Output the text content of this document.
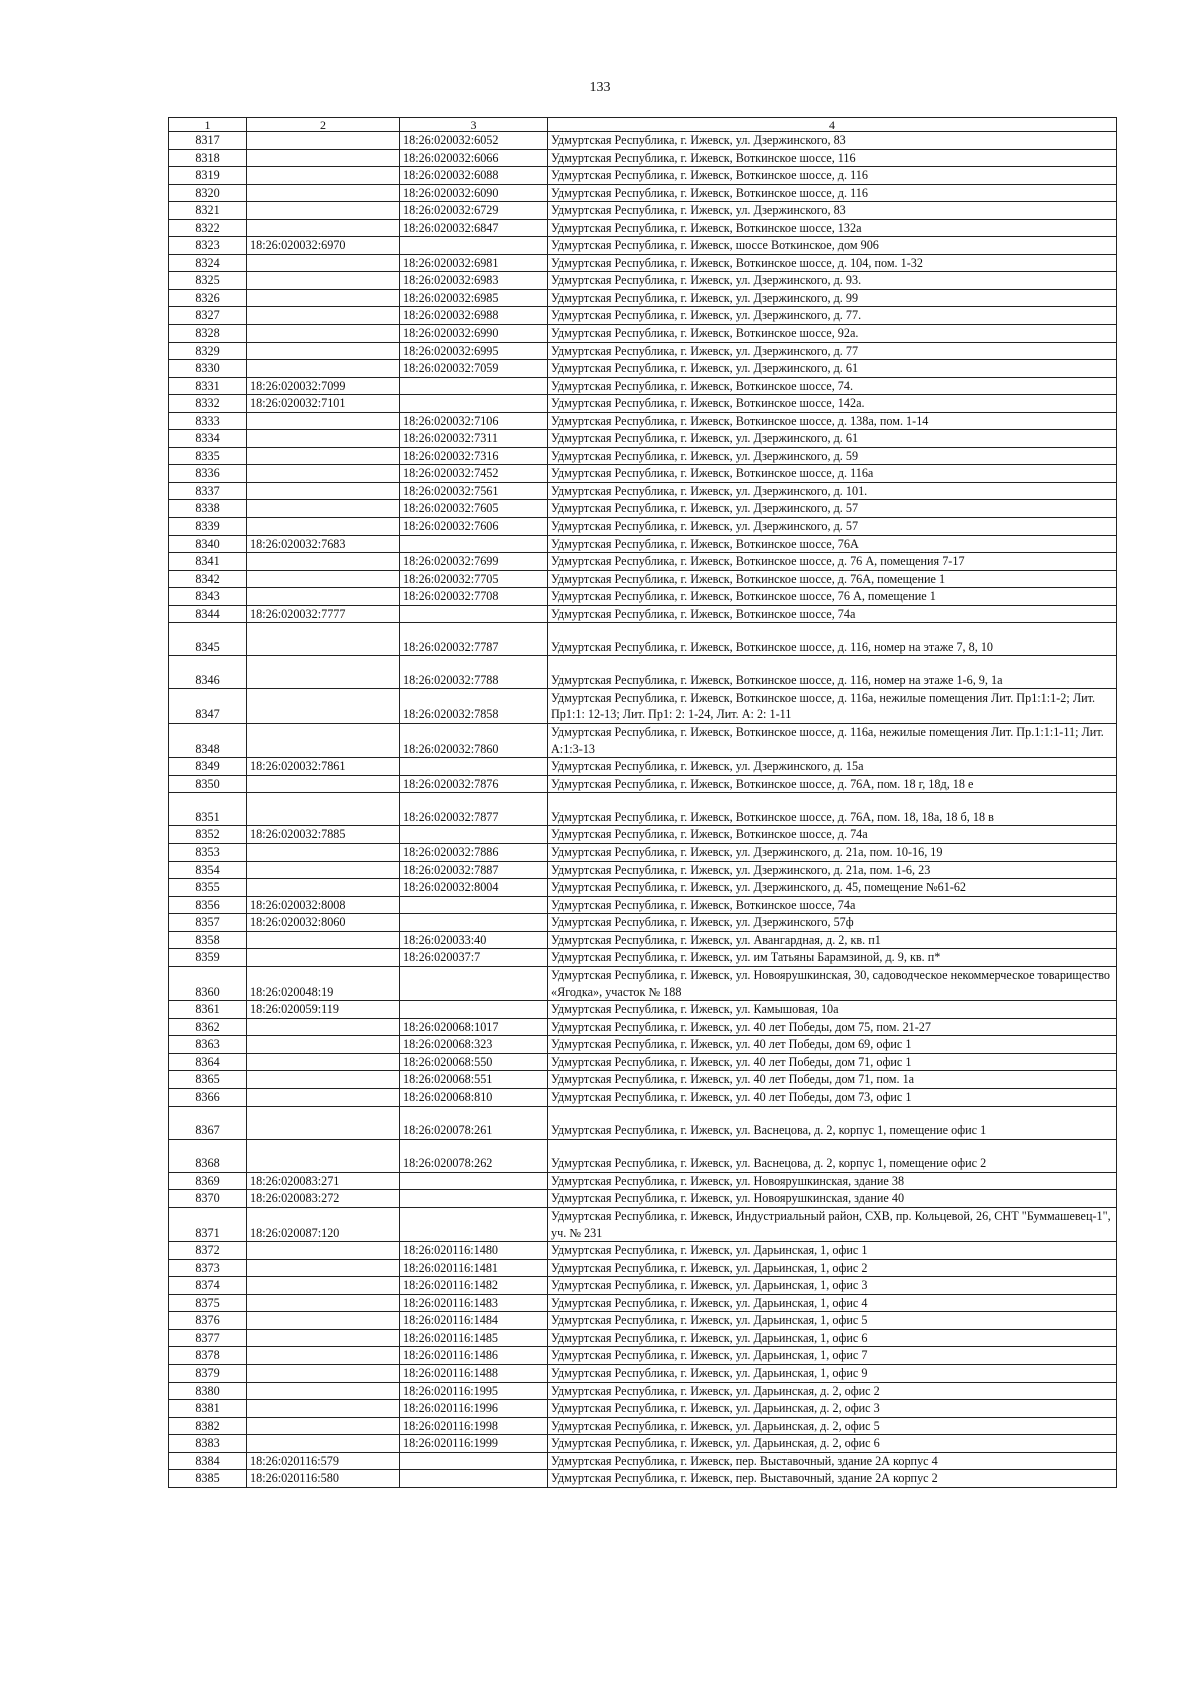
133
1	2	3	4
8317		18:26:020032:6052	Удмуртская Республика, г. Ижевск, ул. Дзержинского, 83
8318		18:26:020032:6066	Удмуртская Республика, г. Ижевск, Воткинское шоссе, 116
8319		18:26:020032:6088	Удмуртская Республика, г. Ижевск, Воткинское шоссе, д. 116
8320		18:26:020032:6090	Удмуртская Республика, г. Ижевск, Воткинское шоссе, д. 116
8321		18:26:020032:6729	Удмуртская Республика, г. Ижевск, ул. Дзержинского, 83
8322		18:26:020032:6847	Удмуртская Республика, г. Ижевск, Воткинское шоссе, 132а
8323	18:26:020032:6970		Удмуртская Республика, г. Ижевск, шоссе Воткинское, дом 906
8324		18:26:020032:6981	Удмуртская Республика, г. Ижевск, Воткинское шоссе, д. 104, пом. 1-32
8325		18:26:020032:6983	Удмуртская Республика, г. Ижевск, ул. Дзержинского, д. 93.
8326		18:26:020032:6985	Удмуртская Республика, г. Ижевск, ул. Дзержинского, д. 99
8327		18:26:020032:6988	Удмуртская Республика, г. Ижевск, ул. Дзержинского, д. 77.
8328		18:26:020032:6990	Удмуртская Республика, г. Ижевск, Воткинское шоссе, 92а.
8329		18:26:020032:6995	Удмуртская Республика, г. Ижевск, ул. Дзержинского, д. 77
8330		18:26:020032:7059	Удмуртская Республика, г. Ижевск, ул. Дзержинского, д. 61
8331	18:26:020032:7099		Удмуртская Республика, г. Ижевск, Воткинское шоссе, 74.
8332	18:26:020032:7101		Удмуртская Республика, г. Ижевск, Воткинское шоссе, 142а.
8333		18:26:020032:7106	Удмуртская Республика, г. Ижевск, Воткинское шоссе, д. 138а, пом. 1-14
8334		18:26:020032:7311	Удмуртская Республика, г. Ижевск, ул. Дзержинского, д. 61
8335		18:26:020032:7316	Удмуртская Республика, г. Ижевск, ул. Дзержинского, д. 59
8336		18:26:020032:7452	Удмуртская Республика, г. Ижевск, Воткинское шоссе, д. 116а
8337		18:26:020032:7561	Удмуртская Республика, г. Ижевск, ул. Дзержинского, д. 101.
8338		18:26:020032:7605	Удмуртская Республика, г. Ижевск, ул. Дзержинского, д. 57
8339		18:26:020032:7606	Удмуртская Республика, г. Ижевск, ул. Дзержинского, д. 57
8340	18:26:020032:7683		Удмуртская Республика, г. Ижевск, Воткинское шоссе, 76А
8341		18:26:020032:7699	Удмуртская Республика, г. Ижевск, Воткинское шоссе, д. 76 А, помещения 7-17
8342		18:26:020032:7705	Удмуртская Республика, г. Ижевск, Воткинское шоссе, д. 76А, помещение 1
8343		18:26:020032:7708	Удмуртская Республика, г. Ижевск, Воткинское шоссе, 76 А, помещение 1
8344	18:26:020032:7777		Удмуртская Республика, г. Ижевск, Воткинское шоссе, 74а
8345		18:26:020032:7787	Удмуртская Республика, г. Ижевск, Воткинское шоссе, д. 116, номер на этаже 7, 8, 10
8346		18:26:020032:7788	Удмуртская Республика, г. Ижевск, Воткинское шоссе, д. 116, номер на этаже 1-6, 9, 1а
8347		18:26:020032:7858	Удмуртская Республика, г. Ижевск, Воткинское шоссе, д. 116а, нежилые помещения Лит. Пр1:1:1-2; Лит. Пр1:1: 12-13; Лит. Пр1: 2: 1-24, Лит. А: 2: 1-11
8348		18:26:020032:7860	Удмуртская Республика, г. Ижевск, Воткинское шоссе, д. 116а, нежилые помещения Лит. Пр.1:1:1-11; Лит. А:1:3-13
8349	18:26:020032:7861		Удмуртская Республика, г. Ижевск, ул. Дзержинского, д. 15а
8350		18:26:020032:7876	Удмуртская Республика, г. Ижевск, Воткинское шоссе, д. 76А, пом. 18 г, 18д, 18 е
8351		18:26:020032:7877	Удмуртская Республика, г. Ижевск, Воткинское шоссе, д. 76А, пом. 18, 18а, 18 б, 18 в
8352	18:26:020032:7885		Удмуртская Республика, г. Ижевск, Воткинское шоссе, д. 74а
8353		18:26:020032:7886	Удмуртская Республика, г. Ижевск, ул. Дзержинского, д. 21а, пом. 10-16, 19
8354		18:26:020032:7887	Удмуртская Республика, г. Ижевск, ул. Дзержинского, д. 21а, пом. 1-6, 23
8355		18:26:020032:8004	Удмуртская Республика, г. Ижевск, ул. Дзержинского, д. 45, помещение №61-62
8356	18:26:020032:8008		Удмуртская Республика, г. Ижевск, Воткинское шоссе, 74а
8357	18:26:020032:8060		Удмуртская Республика, г. Ижевск, ул. Дзержинского, 57ф
8358		18:26:020033:40	Удмуртская Республика, г. Ижевск, ул. Авангардная, д. 2, кв. п1
8359		18:26:020037:7	Удмуртская Республика, г. Ижевск, ул. им Татьяны Барамзиной, д. 9, кв. п*
8360	18:26:020048:19		Удмуртская Республика, г. Ижевск, ул. Новоярушкинская, 30, садоводческое некоммерческое товарищество «Ягодка», участок № 188
8361	18:26:020059:119		Удмуртская Республика, г. Ижевск, ул. Камышовая, 10а
8362		18:26:020068:1017	Удмуртская Республика, г. Ижевск, ул. 40 лет Победы, дом 75, пом. 21-27
8363		18:26:020068:323	Удмуртская Республика, г. Ижевск, ул. 40 лет Победы, дом 69, офис 1
8364		18:26:020068:550	Удмуртская Республика, г. Ижевск, ул. 40 лет Победы, дом 71, офис 1
8365		18:26:020068:551	Удмуртская Республика, г. Ижевск, ул. 40 лет Победы, дом 71, пом. 1а
8366		18:26:020068:810	Удмуртская Республика, г. Ижевск, ул. 40 лет Победы, дом 73, офис 1
8367		18:26:020078:261	Удмуртская Республика, г. Ижевск, ул. Васнецова, д. 2, корпус 1, помещение офис 1
8368		18:26:020078:262	Удмуртская Республика, г. Ижевск, ул. Васнецова, д. 2, корпус 1, помещение офис 2
8369	18:26:020083:271		Удмуртская Республика, г. Ижевск, ул. Новоярушкинская, здание 38
8370	18:26:020083:272		Удмуртская Республика, г. Ижевск, ул. Новоярушкинская, здание 40
8371	18:26:020087:120		Удмуртская Республика, г. Ижевск, Индустриальный район, СХВ, пр. Кольцевой, 26, СНТ "Буммашевец-1", уч. № 231
8372		18:26:020116:1480	Удмуртская Республика, г. Ижевск, ул. Дарьинская, 1, офис 1
8373		18:26:020116:1481	Удмуртская Республика, г. Ижевск, ул. Дарьинская, 1, офис 2
8374		18:26:020116:1482	Удмуртская Республика, г. Ижевск, ул. Дарьинская, 1, офис 3
8375		18:26:020116:1483	Удмуртская Республика, г. Ижевск, ул. Дарьинская, 1, офис 4
8376		18:26:020116:1484	Удмуртская Республика, г. Ижевск, ул. Дарьинская, 1, офис 5
8377		18:26:020116:1485	Удмуртская Республика, г. Ижевск, ул. Дарьинская, 1, офис 6
8378		18:26:020116:1486	Удмуртская Республика, г. Ижевск, ул. Дарьинская, 1, офис 7
8379		18:26:020116:1488	Удмуртская Республика, г. Ижевск, ул. Дарьинская, 1, офис 9
8380		18:26:020116:1995	Удмуртская Республика, г. Ижевск, ул. Дарьинская, д. 2, офис 2
8381		18:26:020116:1996	Удмуртская Республика, г. Ижевск, ул. Дарьинская, д. 2, офис 3
8382		18:26:020116:1998	Удмуртская Республика, г. Ижевск, ул. Дарьинская, д. 2, офис 5
8383		18:26:020116:1999	Удмуртская Республика, г. Ижевск, ул. Дарьинская, д. 2, офис 6
8384	18:26:020116:579		Удмуртская Республика, г. Ижевск, пер. Выставочный, здание 2А корпус 4
8385	18:26:020116:580		Удмуртская Республика, г. Ижевск, пер. Выставочный, здание 2А корпус 2
